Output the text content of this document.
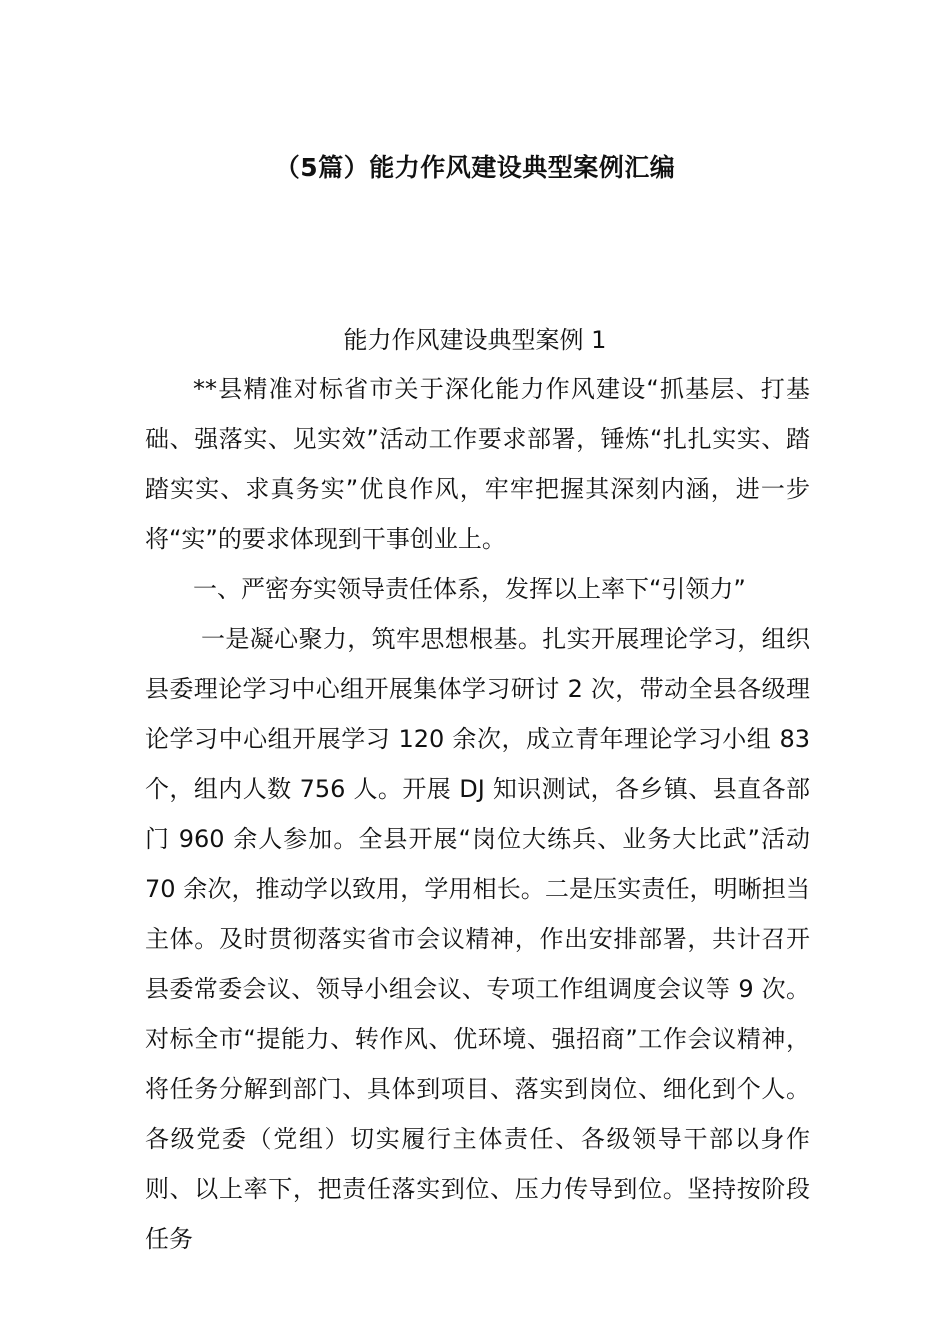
（5篇）能力作风建设典型案例汇编
能力作风建设典型案例 1

**县精准对标省市关于深化能力作风建设“抓基层、打基础、强落实、见实效”活动工作要求部署，锤炼“扎扎实实、踏踏实实、求真务实”优良作风，牢牢把握其深刻内涵，进一步将“实”的要求体现到干事创业上。

一、严密夯实领导责任体系，发挥以上率下“引领力”

一是凝心聚力，筑牢思想根基。扎实开展理论学习，组织县委理论学习中心组开展集体学习研讨 2 次，带动全县各级理论学习中心组开展学习 120 余次，成立青年理论学习小组 83 个，组内人数 756 人。开展 DJ 知识测试，各乡镇、县直各部门 960 余人参加。全县开展“岗位大练兵、业务大比武”活动 70 余次，推动学以致用，学用相长。二是压实责任，明晰担当主体。及时贯彻落实省市会议精神，作出安排部署，共计召开县委常委会议、领导小组会议、专项工作组调度会议等 9 次。对标全市“提能力、转作风、优环境、强招商”工作会议精神，将任务分解到部门、具体到项目、落实到岗位、细化到个人。各级党委（党组）切实履行主体责任、各级领导干部以身作则、以上率下，把责任落实到位、压力传导到位。坚持按阶段任务
